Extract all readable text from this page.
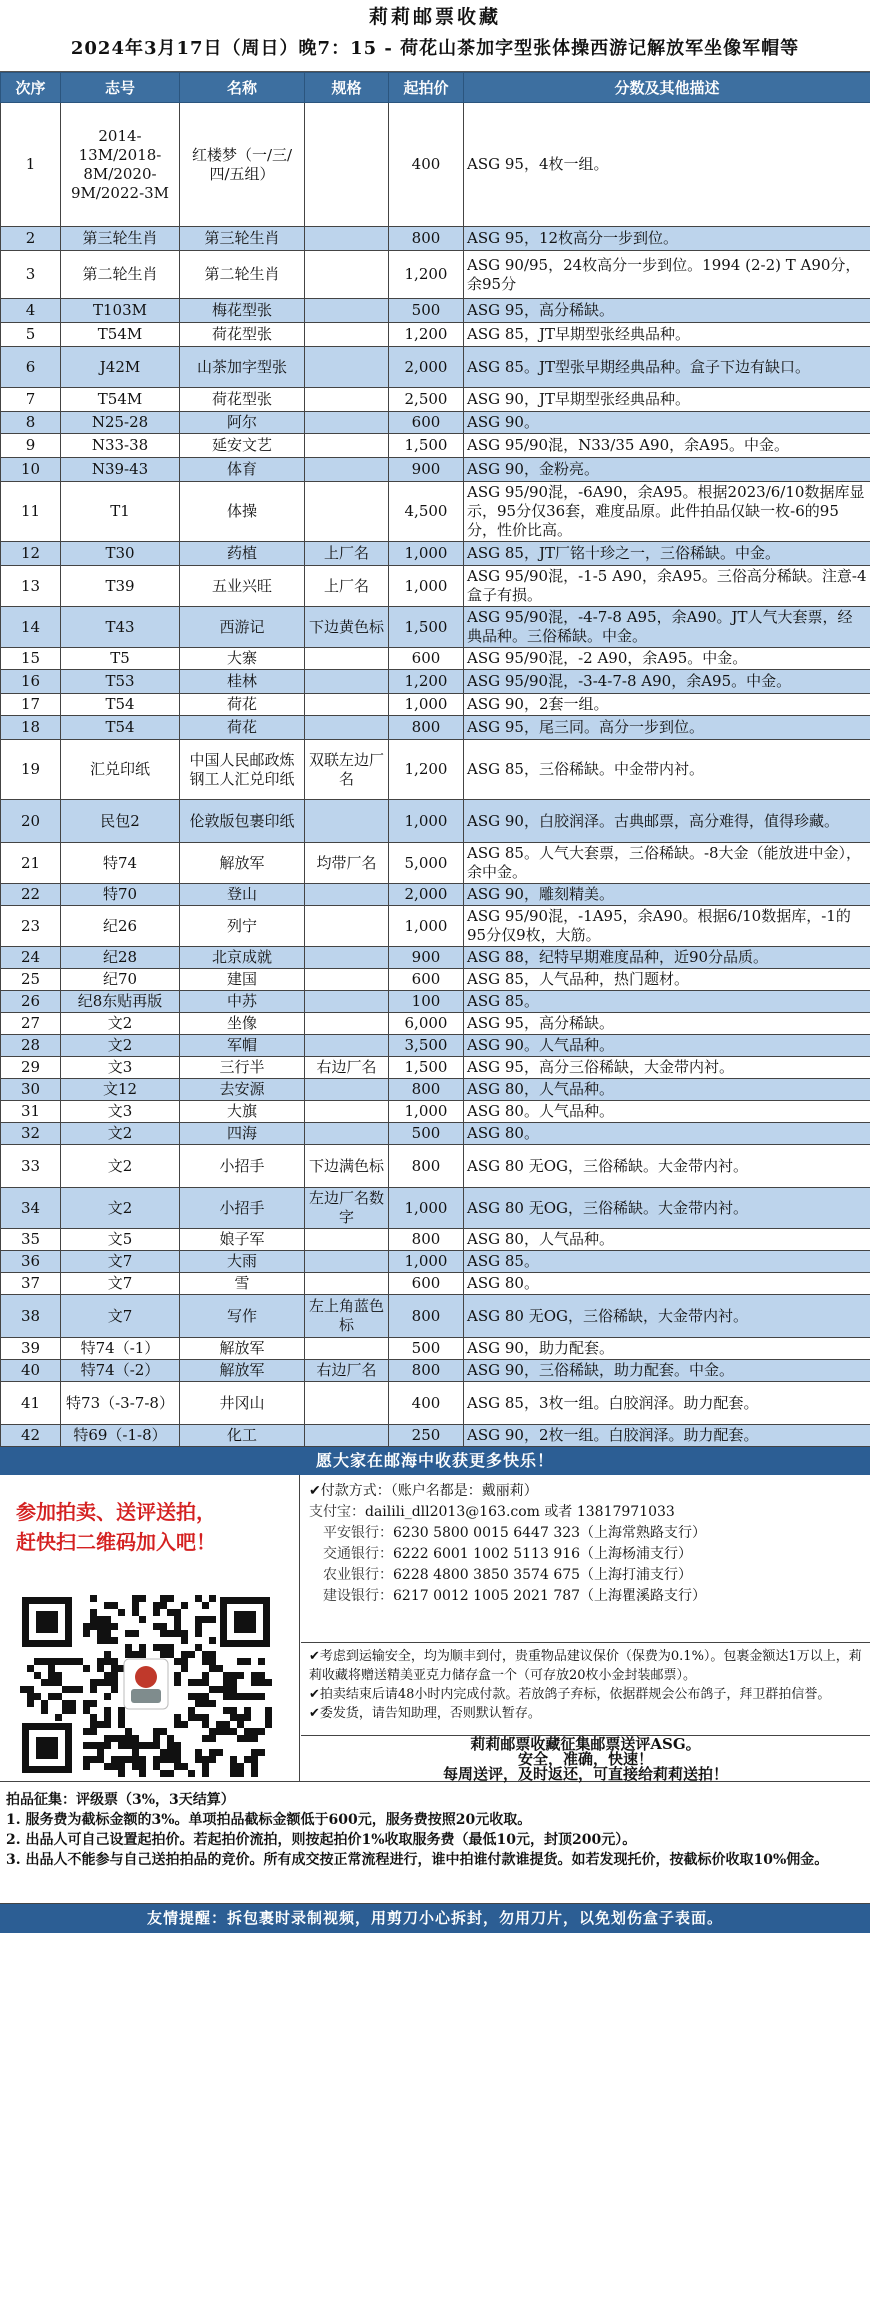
莉莉邮票收藏
2024年3月17日（周日）晚7：15 - 荷花山茶加字型张体操西游记解放军坐像军帽等
次序	志号	名称	规格	起拍价	分数及其他描述
1	2014-13M/2018-8M/2020-9M/2022-3M	红楼梦（一/三/四/五组）		400	ASG 95，4枚一组。
2	第三轮生肖	第三轮生肖		800	ASG 95，12枚高分一步到位。
3	第二轮生肖	第二轮生肖		1,200	ASG 90/95，24枚高分一步到位。1994 (2-2) T A90分，余95分
4	T103M	梅花型张		500	ASG 95，高分稀缺。
5	T54M	荷花型张		1,200	ASG 85，JT早期型张经典品种。
6	J42M	山茶加字型张		2,000	ASG 85。JT型张早期经典品种。盒子下边有缺口。
7	T54M	荷花型张		2,500	ASG 90，JT早期型张经典品种。
8	N25-28	阿尔		600	ASG 90。
9	N33-38	延安文艺		1,500	ASG 95/90混，N33/35 A90，余A95。中金。
10	N39-43	体育		900	ASG 90，金粉亮。
11	T1	体操		4,500	ASG 95/90混，-6A90，余A95。根据2023/6/10数据库显示，95分仅36套，难度品原。此件拍品仅缺一枚-6的95分，性价比高。
12	T30	药植	上厂名	1,000	ASG 85，JT厂铭十珍之一，三俗稀缺。中金。
13	T39	五业兴旺	上厂名	1,000	ASG 95/90混，-1-5 A90，余A95。三俗高分稀缺。注意-4盒子有损。
14	T43	西游记	下边黄色标	1,500	ASG 95/90混，-4-7-8 A95，余A90。JT人气大套票，经典品种。三俗稀缺。中金。
15	T5	大寨		600	ASG 95/90混，-2 A90，余A95。中金。
16	T53	桂林		1,200	ASG 95/90混，-3-4-7-8 A90，余A95。中金。
17	T54	荷花		1,000	ASG 90，2套一组。
18	T54	荷花		800	ASG 95，尾三同。高分一步到位。
19	汇兑印纸	中国人民邮政炼钢工人汇兑印纸	双联左边厂名	1,200	ASG 85，三俗稀缺。中金带内衬。
20	民包2	伦敦版包裹印纸		1,000	ASG 90，白胶润泽。古典邮票，高分难得，值得珍藏。
21	特74	解放军	均带厂名	5,000	ASG 85。人气大套票，三俗稀缺。-8大金（能放进中金），余中金。
22	特70	登山		2,000	ASG 90，雕刻精美。
23	纪26	列宁		1,000	ASG 95/90混，-1A95，余A90。根据6/10数据库，-1的95分仅9枚，大筋。
24	纪28	北京成就		900	ASG 88，纪特早期难度品种，近90分品质。
25	纪70	建国		600	ASG 85，人气品种，热门题材。
26	纪8东贴再版	中苏		100	ASG 85。
27	文2	坐像		6,000	ASG 95，高分稀缺。
28	文2	军帽		3,500	ASG 90。人气品种。
29	文3	三行半	右边厂名	1,500	ASG 95，高分三俗稀缺，大金带内衬。
30	文12	去安源		800	ASG 80，人气品种。
31	文3	大旗		1,000	ASG 80。人气品种。
32	文2	四海		500	ASG 80。
33	文2	小招手	下边满色标	800	ASG 80 无OG，三俗稀缺。大金带内衬。
34	文2	小招手	左边厂名数字	1,000	ASG 80 无OG，三俗稀缺。大金带内衬。
35	文5	娘子军		800	ASG 80，人气品种。
36	文7	大雨		1,000	ASG 85。
37	文7	雪		600	ASG 80。
38	文7	写作	左上角蓝色标	800	ASG 80 无OG，三俗稀缺，大金带内衬。
39	特74（-1）	解放军		500	ASG 90，助力配套。
40	特74（-2）	解放军	右边厂名	800	ASG 90，三俗稀缺，助力配套。中金。
41	特73（-3-7-8）	井冈山		400	ASG 85，3枚一组。白胶润泽。助力配套。
42	特69（-1-8）	化工		250	ASG 90，2枚一组。白胶润泽。助力配套。
愿大家在邮海中收获更多快乐！
参加拍卖、送评送拍，
赶快扫二维码加入吧！
✔付款方式：（账户名都是：戴丽莉）
支付宝：dailili_dll2013@163.com 或者 13817971033
平安银行：6230 5800 0015 6447 323（上海常熟路支行）
交通银行：6222 6001 1002 5113 916（上海杨浦支行）
农业银行：6228 4800 3850 3574 675（上海打浦支行）
建设银行：6217 0012 1005 2021 787（上海瞿溪路支行）
✔考虑到运输安全，均为顺丰到付，贵重物品建议保价（保费为0.1%）。包裹金额达1万以上，莉莉收藏将赠送精美亚克力储存盒一个（可存放20枚小金封装邮票）。
✔拍卖结束后请48小时内完成付款。若放鸽子弃标，依据群规会公布鸽子，拜卫群拍信誉。
✔委发货，请告知助理，否则默认暂存。
莉莉邮票收藏征集邮票送评ASG。
安全，准确，快速！
每周送评，及时返还，可直接给莉莉送拍！
拍品征集：评级票（3%，3天结算）
1. 服务费为截标金额的3%。单项拍品截标金额低于600元，服务费按照20元收取。
2. 出品人可自己设置起拍价。若起拍价流拍，则按起拍价1%收取服务费（最低10元，封顶200元）。
3. 出品人不能参与自己送拍拍品的竞价。所有成交按正常流程进行，谁中拍谁付款谁提货。如若发现托价，按截标价收取10%佣金。
友情提醒：拆包裹时录制视频，用剪刀小心拆封，勿用刀片，以免划伤盒子表面。
